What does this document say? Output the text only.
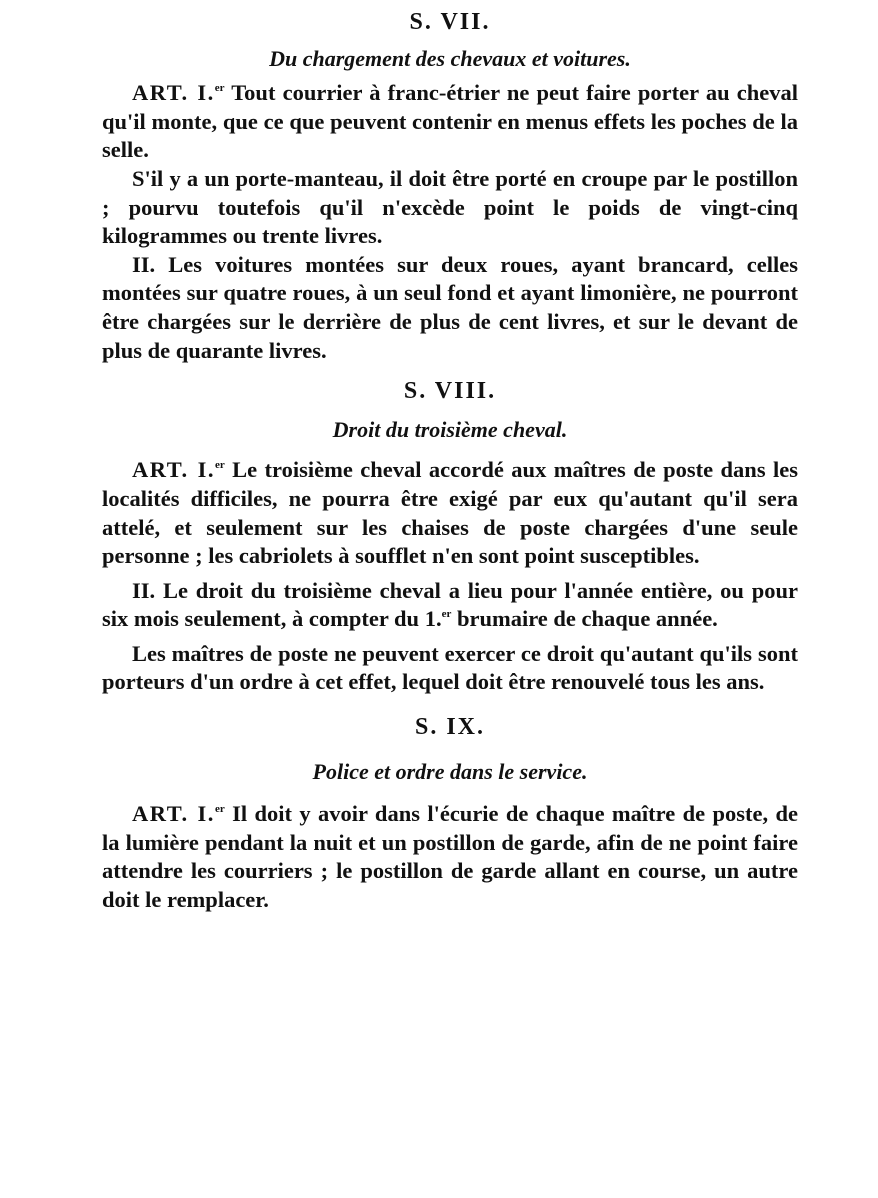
S. VII.

Du chargement des chevaux et voitures.

ART. I.$^{er}$ Tout courrier à franc-étrier ne peut faire porter au cheval qu'il monte, que ce que peuvent contenir en menus effets les poches de la selle.

S'il y a un porte-manteau, il doit être porté en croupe par le postillon ; pourvu toutefois qu'il n'excède point le poids de vingt-cinq kilogrammes ou trente livres.

II. Les voitures montées sur deux roues, ayant brancard, celles montées sur quatre roues, à un seul fond et ayant limonière, ne pourront être chargées sur le derrière de plus de cent livres, et sur le devant de plus de quarante livres.

S. VIII.

Droit du troisième cheval.

ART. I.$^{er}$ Le troisième cheval accordé aux maîtres de poste dans les localités difficiles, ne pourra être exigé par eux qu'autant qu'il sera attelé, et seulement sur les chaises de poste chargées d'une seule personne ; les cabriolets à soufflet n'en sont point susceptibles.

II. Le droit du troisième cheval a lieu pour l'année entière, ou pour six mois seulement, à compter du 1.$^{er}$ brumaire de chaque année.

Les maîtres de poste ne peuvent exercer ce droit qu'autant qu'ils sont porteurs d'un ordre à cet effet, lequel doit être renouvelé tous les ans.

S. IX.

Police et ordre dans le service.

ART. I.$^{er}$ Il doit y avoir dans l'écurie de chaque maître de poste, de la lumière pendant la nuit et un postillon de garde, afin de ne point faire attendre les courriers ; le postillon de garde allant en course, un autre doit le remplacer.
